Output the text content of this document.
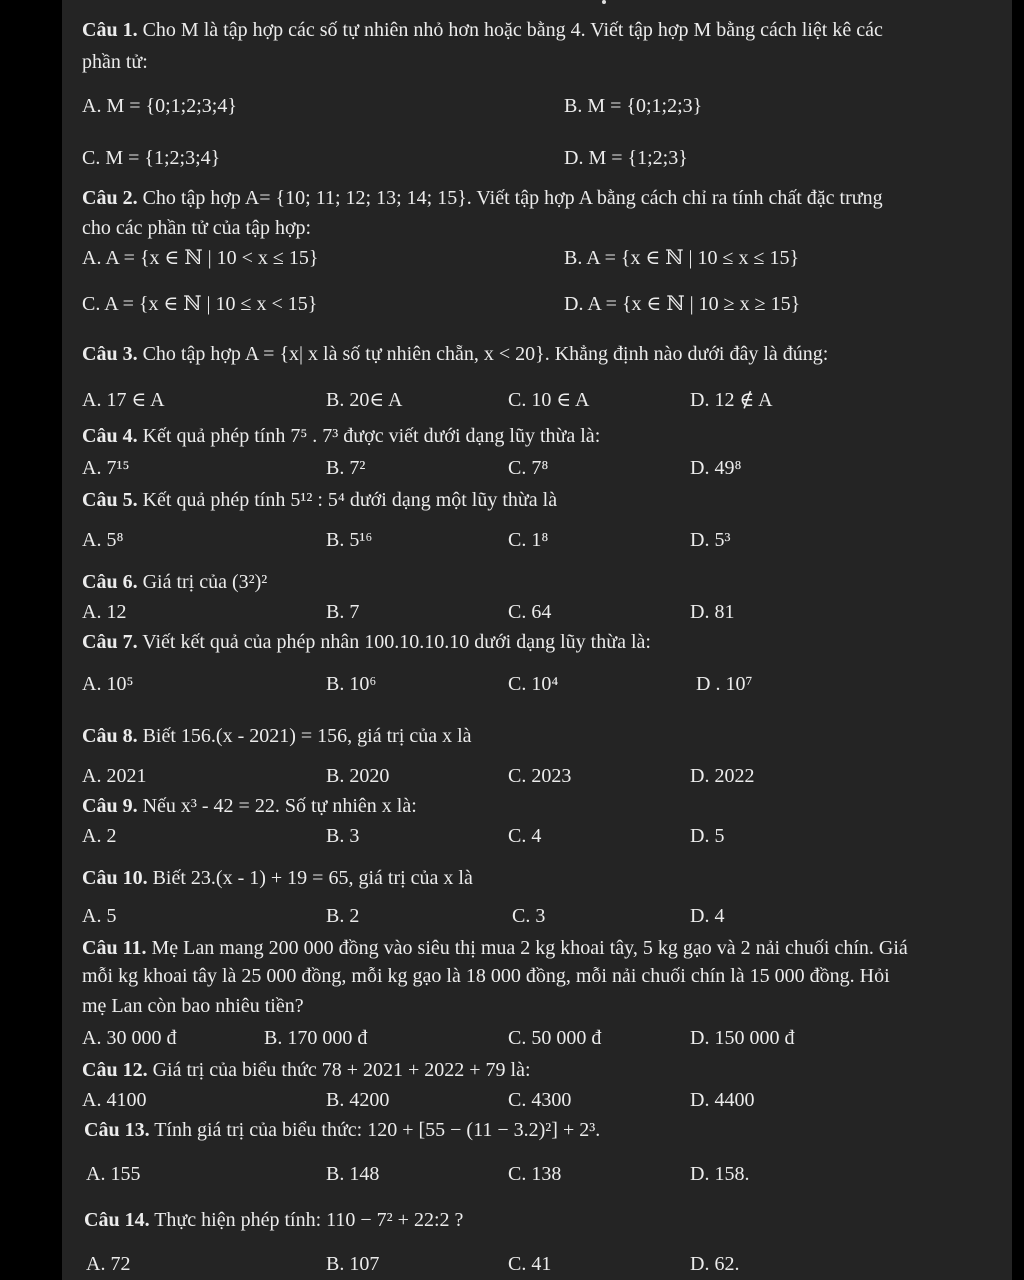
Câu 1. Cho M là tập hợp các số tự nhiên nhỏ hơn hoặc bằng 4. Viết tập hợp M bằng cách liệt kê các
phần tử:
A. M = {0;1;2;3;4}	B. M = {0;1;2;3}
C. M = {1;2;3;4}	D. M = {1;2;3}
Câu 2. Cho tập hợp A= {10; 11; 12; 13; 14; 15}. Viết tập hợp A bằng cách chỉ ra tính chất đặc trưng
cho các phần tử của tập hợp:
A. A = {x ∈ ℕ | 10 < x ≤ 15}	B. A = {x ∈ ℕ | 10 ≤ x ≤ 15}
C. A = {x ∈ ℕ | 10 ≤ x < 15}	D. A = {x ∈ ℕ | 10 ≥ x ≥ 15}
Câu 3. Cho tập hợp A = {x| x là số tự nhiên chẵn, x < 20}. Khẳng định nào dưới đây là đúng:
A. 17 ∈ A	B. 20∈ A	C. 10 ∈ A	D. 12 ∉ A
Câu 4. Kết quả phép tính 7⁵ . 7³ được viết dưới dạng lũy thừa là:
A. 7¹⁵	B. 7²	C. 7⁸	D. 49⁸
Câu 5. Kết quả phép tính 5¹² : 5⁴ dưới dạng một lũy thừa là
A. 5⁸	B. 5¹⁶	C. 1⁸	D. 5³
Câu 6. Giá trị của (3²)²
A. 12	B. 7	C. 64	D. 81
Câu 7. Viết kết quả của phép nhân 100.10.10.10 dưới dạng lũy thừa là:
A. 10⁵	B. 10⁶	C. 10⁴	D . 10⁷
Câu 8. Biết 156.(x - 2021) = 156, giá trị của x là
A. 2021	B. 2020	C. 2023	D. 2022
Câu 9. Nếu x³ - 42 = 22. Số tự nhiên x là:
A. 2	B. 3	C. 4	D. 5
Câu 10. Biết 23.(x - 1) + 19 = 65, giá trị của x là
A. 5	B. 2	C. 3	D. 4
Câu 11. Mẹ Lan mang 200 000 đồng vào siêu thị mua 2 kg khoai tây, 5 kg gạo và 2 nải chuối chín. Giá
mỗi kg khoai tây là 25 000 đồng, mỗi kg gạo là 18 000 đồng, mỗi nải chuối chín là 15 000 đồng. Hỏi
mẹ Lan còn bao nhiêu tiền?
A. 30 000 đ	B. 170 000 đ	C. 50 000 đ	D. 150 000 đ
Câu 12. Giá trị của biểu thức 78 + 2021 + 2022 + 79 là:
A. 4100	B. 4200	C. 4300	D. 4400
Câu 13. Tính giá trị của biểu thức: 120 + [55 − (11 − 3.2)²] + 2³.
A. 155	B. 148	C. 138	D. 158.
Câu 14. Thực hiện phép tính: 110 − 7² + 22:2 ?
A. 72	B. 107	C. 41	D. 62.
